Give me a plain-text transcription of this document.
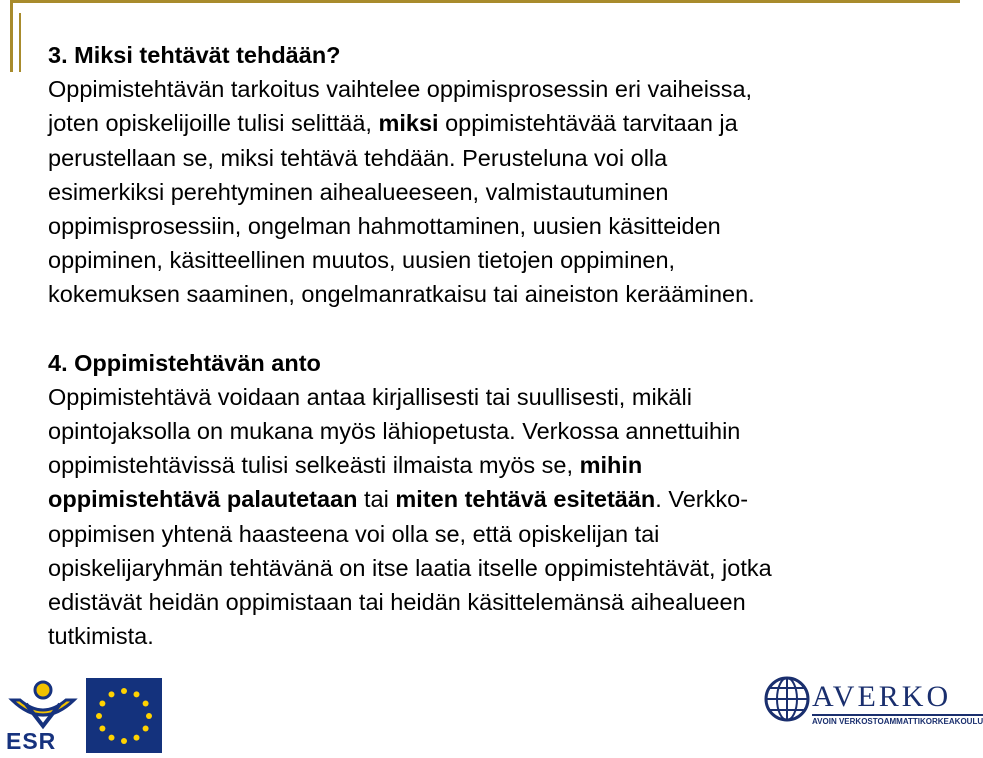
3. Miksi tehtävät tehdään?
Oppimistehtävän tarkoitus vaihtelee oppimisprosessin eri vaiheissa,
joten opiskelijoille tulisi selittää, miksi oppimistehtävää tarvitaan ja
perustellaan se, miksi tehtävä tehdään. Perusteluna voi olla
esimerkiksi perehtyminen aihealueeseen, valmistautuminen
oppimisprosessiin, ongelman hahmottaminen, uusien käsitteiden
oppiminen, käsitteellinen muutos, uusien tietojen oppiminen,
kokemuksen saaminen, ongelmanratkaisu tai aineiston kerääminen.
4. Oppimistehtävän anto
Oppimistehtävä voidaan antaa kirjallisesti tai suullisesti, mikäli
opintojaksolla on mukana myös lähiopetusta. Verkossa annettuihin
oppimistehtävissä tulisi selkeästi ilmaista myös se, mihin
oppimistehtävä palautetaan tai miten tehtävä esitetään. Verkko-
oppimisen yhtenä haasteena voi olla se, että opiskelijan tai
opiskelijaryhmän tehtävänä on itse laatia itselle oppimistehtävät, jotka
edistävät heidän oppimistaan tai heidän käsittelemänsä aihealueen
tutkimista.
ESR
AVERKO
AVOIN VERKOSTOAMMATTIKORKEAKOULU
